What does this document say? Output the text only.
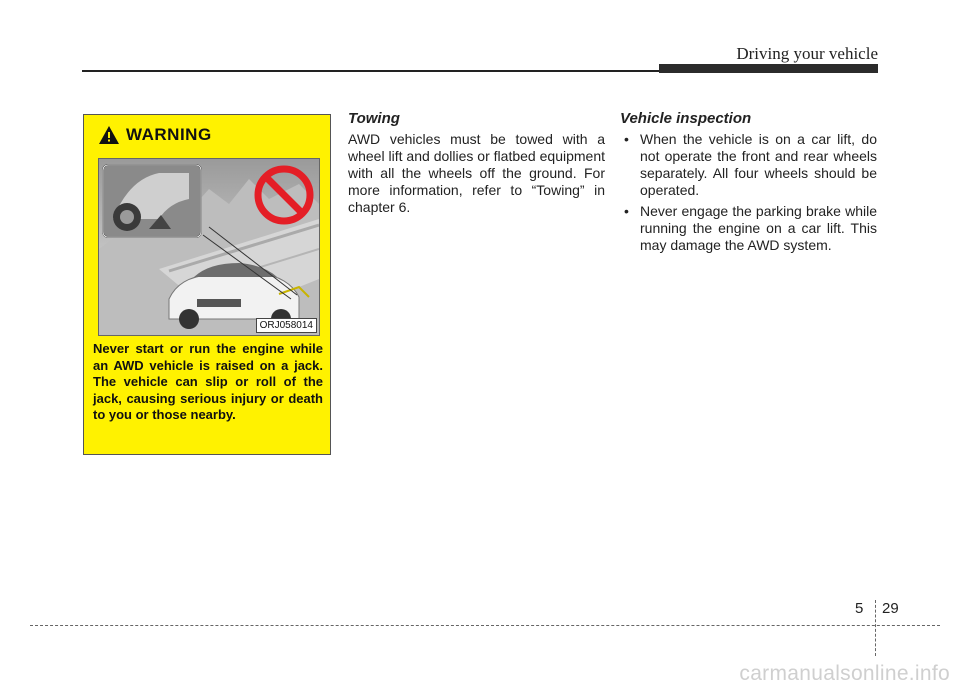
Driving your vehicle
WARNING
ORJ058014
Never start or run the engine while an AWD vehicle is raised on a jack. The vehicle can slip or roll of the jack, causing serious injury or death to you or those nearby.
Towing
AWD vehicles must be towed with a wheel lift and dollies or flatbed equipment with all the wheels off the ground. For more information, refer to “Towing” in chapter 6.
Vehicle inspection
• When the vehicle is on a car lift, do not operate the front and rear wheels separately. All four wheels should be operated.
• Never engage the parking brake while running the engine on a car lift. This may damage the AWD system.
5 29
carmanualsonline.info
